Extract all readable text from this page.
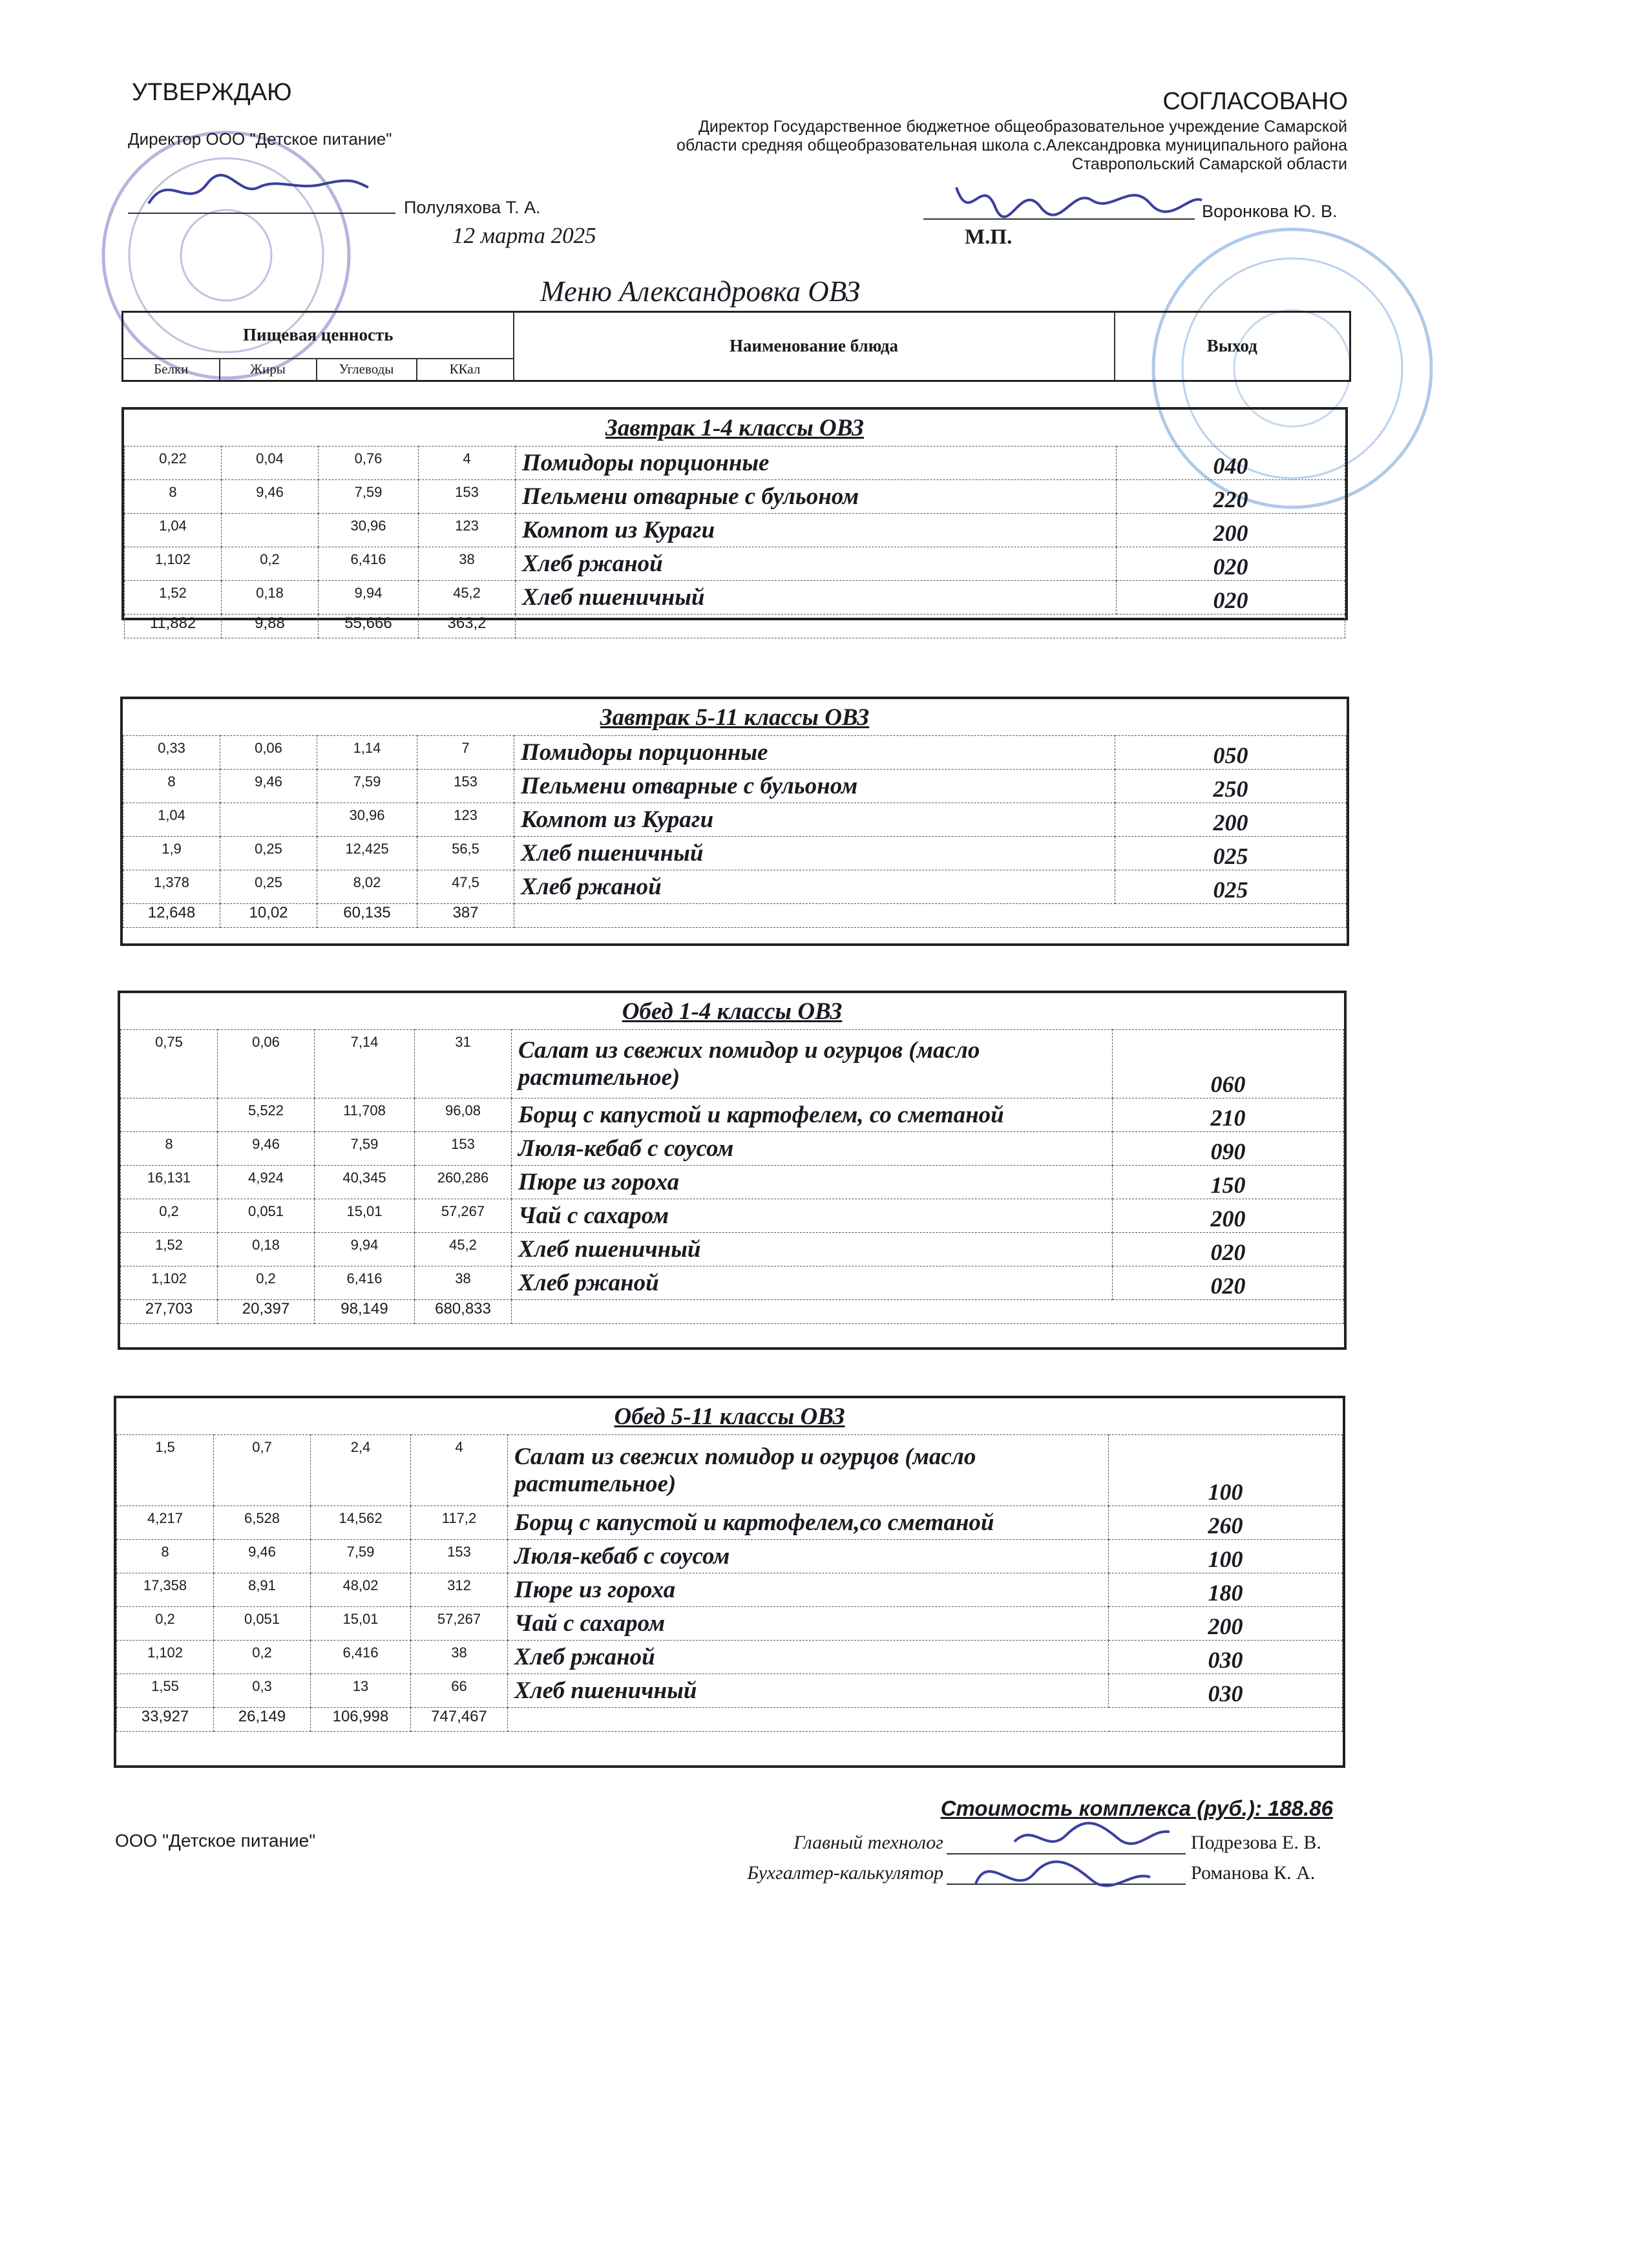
УТВЕРЖДАЮ
Директор ООО "Детское питание"
Полуляхова Т. А.
12 марта 2025
СОГЛАСОВАНО
Директор Государственное бюджетное общеобразовательное учреждение Самарской области средняя общеобразовательная школа с.Александровка муниципального района Ставропольский Самарской области
Воронкова Ю. В.
М.П.
Меню Александровка ОВЗ
Пищевая ценность				Наименование блюда	Выход
Белки	Жиры	Углеводы	ККал		
Завтрак 1-4 классы ОВЗ					
0,22	0,04	0,76	4	Помидоры порционные	040
8	9,46	7,59	153	Пельмени отварные с бульоном	220
1,04		30,96	123	Компот из Кураги	200
1,102	0,2	6,416	38	Хлеб ржаной	020
1,52	0,18	9,94	45,2	Хлеб пшеничный	020
11,882	9,88	55,666	363,2		
Завтрак 5-11 классы ОВЗ					
0,33	0,06	1,14	7	Помидоры порционные	050
8	9,46	7,59	153	Пельмени отварные с бульоном	250
1,04		30,96	123	Компот из Кураги	200
1,9	0,25	12,425	56,5	Хлеб пшеничный	025
1,378	0,25	8,02	47,5	Хлеб ржаной	025
12,648	10,02	60,135	387		
Обед 1-4 классы ОВЗ					
0,75	0,06	7,14	31	Салат из свежих помидор и огурцов (масло растительное)	060
	5,522	11,708	96,08	Борщ с капустой и картофелем, со сметаной	210
8	9,46	7,59	153	Люля-кебаб с соусом	090
16,131	4,924	40,345	260,286	Пюре из гороха	150
0,2	0,051	15,01	57,267	Чай с сахаром	200
1,52	0,18	9,94	45,2	Хлеб пшеничный	020
1,102	0,2	6,416	38	Хлеб ржаной	020
27,703	20,397	98,149	680,833		
Обед 5-11 классы ОВЗ					
1,5	0,7	2,4	4	Салат из свежих помидор и огурцов (масло растительное)	100
4,217	6,528	14,562	117,2	Борщ с капустой и картофелем,со сметаной	260
8	9,46	7,59	153	Люля-кебаб с соусом	100
17,358	8,91	48,02	312	Пюре из гороха	180
0,2	0,051	15,01	57,267	Чай с сахаром	200
1,102	0,2	6,416	38	Хлеб ржаной	030
1,55	0,3	13	66	Хлеб пшеничный	030
33,927	26,149	106,998	747,467		
Стоимость комплекса (руб.): 188.86
ООО "Детское питание"	Главный технолог	Подрезова Е. В.
Бухгалтер-калькулятор	Романова К. А.
